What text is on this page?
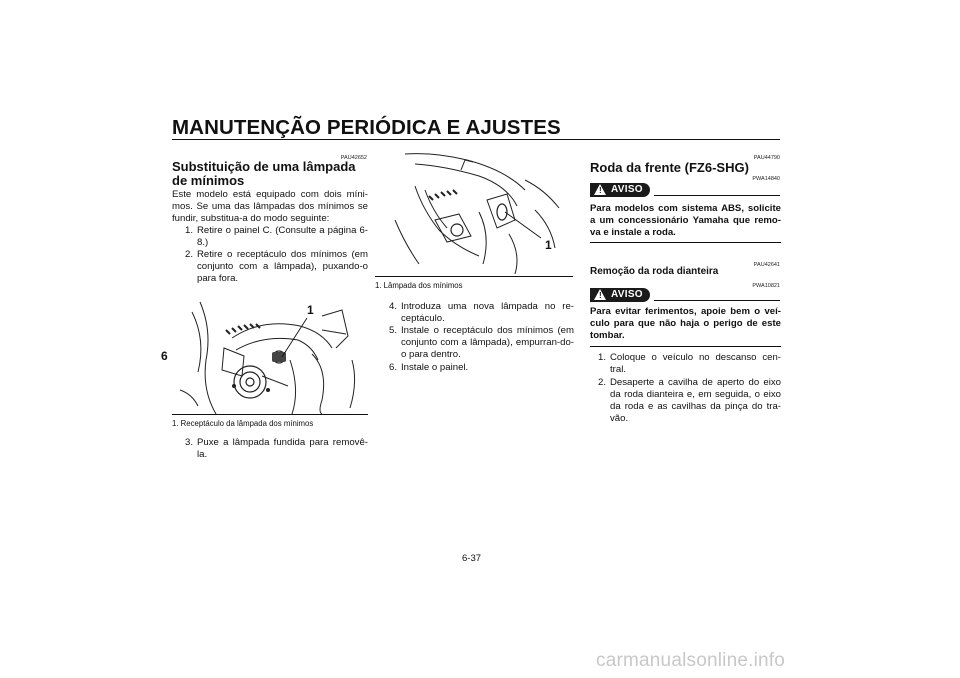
MANUTENÇÃO PERIÓDICA E AJUSTES
6
PAU42652
Substituição de uma lâmpada de mínimos
Este modelo está equipado com dois míni-mos. Se uma das lâmpadas dos mínimos se fundir, substitua-a do modo seguinte:
1. Retire o painel C. (Consulte a página 6-8.)
2. Retire o receptáculo dos mínimos (em conjunto com a lâmpada), puxando-o para fora.
1
1. Receptáculo da lâmpada dos mínimos
3. Puxe a lâmpada fundida para removê-la.
1
1. Lâmpada dos mínimos
4. Introduza uma nova lâmpada no re-ceptáculo.
5. Instale o receptáculo dos mínimos (em conjunto com a lâmpada), empurran-do-o para dentro.
6. Instale o painel.
PAU44790
Roda da frente (FZ6-SHG)
PWA14840
! AVISO
Para modelos com sistema ABS, solicite a um concessionário Yamaha que remo-va e instale a roda.
PAU42641
Remoção da roda dianteira
PWA10821
! AVISO
Para evitar ferimentos, apoie bem o veí-culo para que não haja o perigo de este tombar.
1. Coloque o veículo no descanso cen-tral.
2. Desaperte a cavilha de aperto do eixo da roda dianteira e, em seguida, o eixo da roda e as cavilhas da pinça do tra-vão.
6-37
carmanualsonline.info
